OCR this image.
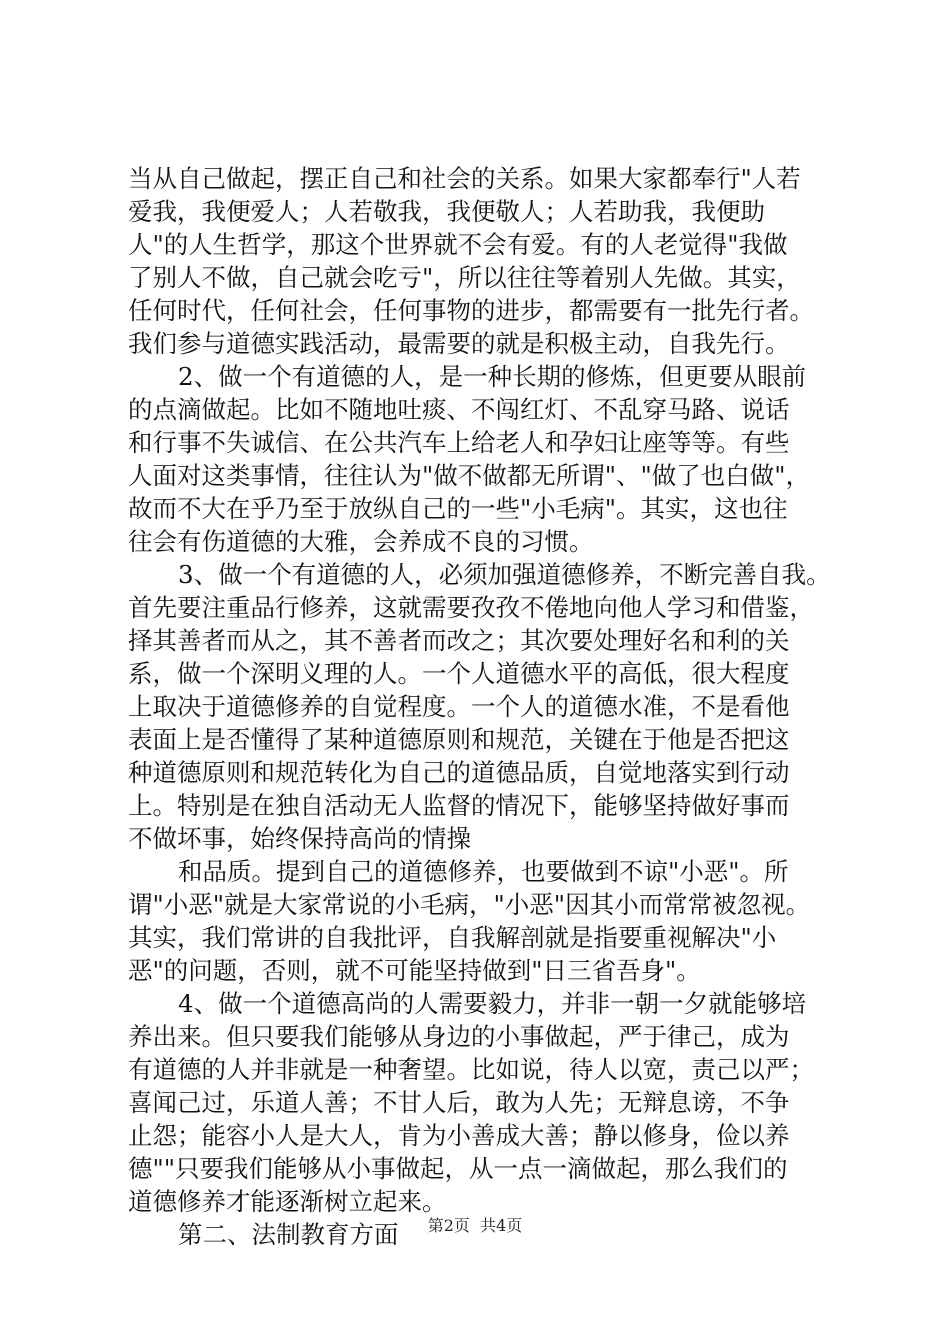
当从自己做起，摆正自己和社会的关系。如果大家都奉行"人若
爱我，我便爱人；人若敬我，我便敬人；人若助我，我便助
人"的人生哲学，那这个世界就不会有爱。有的人老觉得"我做
了别人不做，自己就会吃亏"，所以往往等着别人先做。其实，
任何时代，任何社会，任何事物的进步，都需要有一批先行者。
我们参与道德实践活动，最需要的就是积极主动，自我先行。
2、做一个有道德的人，是一种长期的修炼，但更要从眼前
的点滴做起。比如不随地吐痰、不闯红灯、不乱穿马路、说话
和行事不失诚信、在公共汽车上给老人和孕妇让座等等。有些
人面对这类事情，往往认为"做不做都无所谓"、"做了也白做"，
故而不大在乎乃至于放纵自己的一些"小毛病"。其实，这也往
往会有伤道德的大雅，会养成不良的习惯。
3、做一个有道德的人，必须加强道德修养，不断完善自我。
首先要注重品行修养，这就需要孜孜不倦地向他人学习和借鉴，
择其善者而从之，其不善者而改之；其次要处理好名和利的关
系，做一个深明义理的人。一个人道德水平的高低，很大程度
上取决于道德修养的自觉程度。一个人的道德水准，不是看他
表面上是否懂得了某种道德原则和规范，关键在于他是否把这
种道德原则和规范转化为自己的道德品质，自觉地落实到行动
上。特别是在独自活动无人监督的情况下，能够坚持做好事而
不做坏事，始终保持高尚的情操
和品质。提到自己的道德修养，也要做到不谅"小恶"。所
谓"小恶"就是大家常说的小毛病，"小恶"因其小而常常被忽视。
其实，我们常讲的自我批评，自我解剖就是指要重视解决"小
恶"的问题，否则，就不可能坚持做到"日三省吾身"。
4、做一个道德高尚的人需要毅力，并非一朝一夕就能够培
养出来。但只要我们能够从身边的小事做起，严于律己，成为
有道德的人并非就是一种奢望。比如说，待人以宽，责己以严；
喜闻己过，乐道人善；不甘人后，敢为人先；无辩息谤，不争
止怨；能容小人是大人，肯为小善成大善；静以修身，俭以养
德""只要我们能够从小事做起，从一点一滴做起，那么我们的
道德修养才能逐渐树立起来。
第二、法制教育方面	第2页 共4页
